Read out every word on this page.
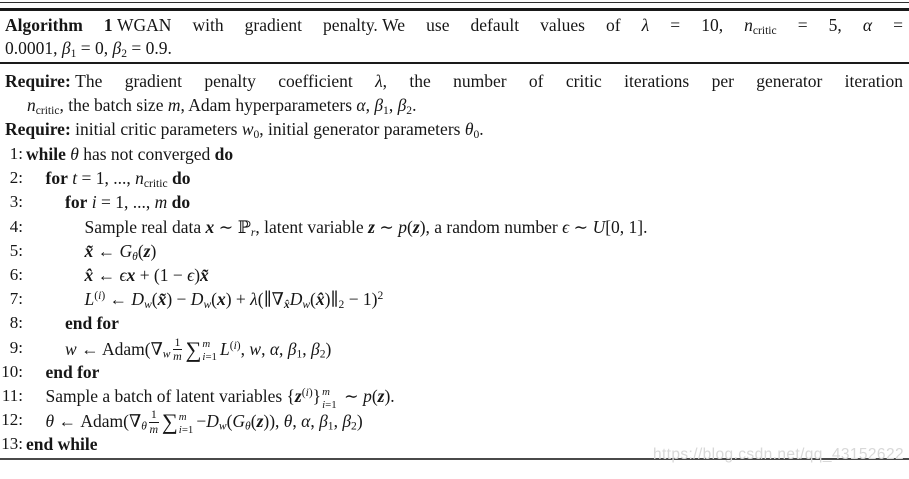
Algorithm 1 WGAN with gradient penalty. We use default values of λ = 10, $n_{critic} = 5$, α =
0.0001, $\beta_1 = 0$, $\beta_2 = 0.9$.
Require: The gradient penalty coefficient λ, the number of critic iterations per generator iteration
$n_{critic}$, the batch size m, Adam hyperparameters α, $\beta_1$, $\beta_2$.
Require: initial critic parameters $w_0$, initial generator parameters $\theta_0$.
1: while θ has not converged do
2:	for t = 1, ..., $n_{critic}$ do
3:	for i = 1, ..., m do
4:	Sample real data x ∼ ℙ$_r$, latent variable z ∼ p(z), a random number ϵ ∼ U[0, 1].
5:	x̃ ← $G_\theta(z)$
6:	x̂ ← ϵx + (1 − ϵ)x̃
7:	$L^{(i)}$ ← $D_w(x̃) - D_w(x)$ + $\lambda(\parallel\nabla_{x̂}D_w(x̂)\parallel_2 - 1)^2$
8:	end for
9:	w ← $Adam(\nabla_w \frac{1}{m}$ ∑ m
i=1 $L^{(i)}$, w, α, $\beta_1$, $\beta_2$)
10:	end for
11:	Sample a batch of latent variables $\{z^{(i)}\}$ m
i=1 ∼ p(z).
12:	θ ← $Adam(\nabla_\theta \frac{1}{m}$ ∑ m
$i=1 -D_w(G_\theta(z))$, θ, α, $\beta_1$, $\beta_2$)
13: end while
https://blog.csdn.net/qq_43152622
